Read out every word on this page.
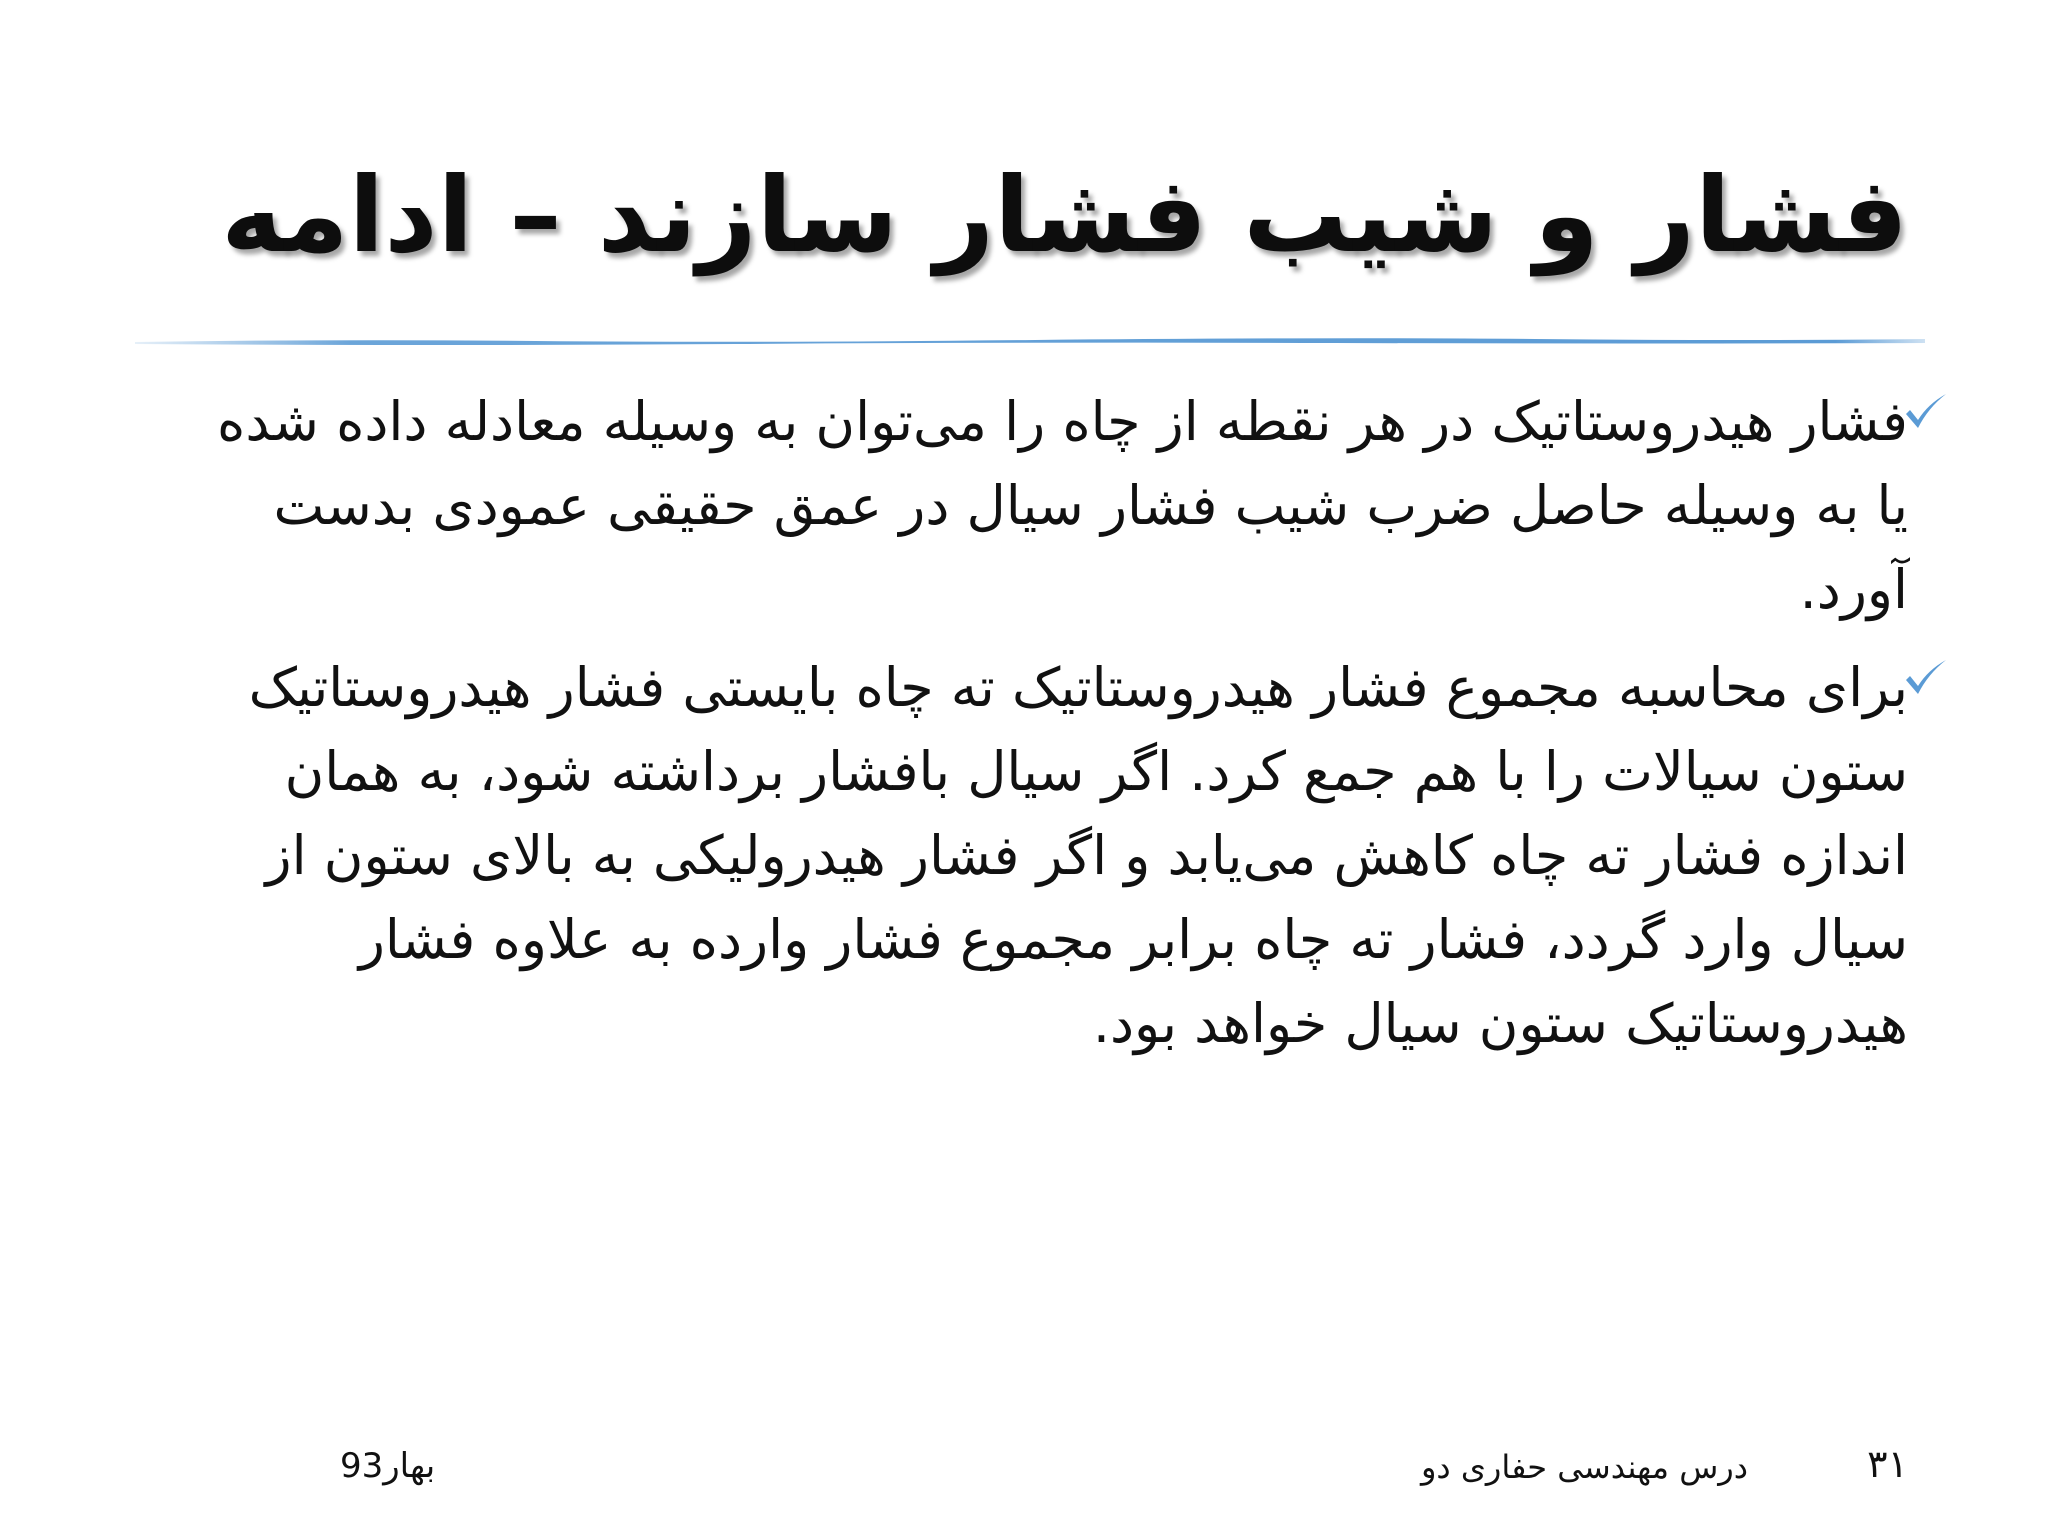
فشار و شیب فشار سازند – ادامه

فشار هیدروستاتیک در هر نقطه از چاه را می‌توان به وسیله معادله داده شده یا به وسیله حاصل ضرب شیب فشار سیال در عمق حقیقی عمودی بدست آورد.

برای محاسبه مجموع فشار هیدروستاتیک ته چاه بایستی فشار هیدروستاتیک ستون سیالات را با هم جمع کرد. اگر سیال بافشار برداشته شود، به همان اندازه فشار ته چاه کاهش می‌یابد و اگر فشار هیدرولیکی به بالای ستون از سیال وارد گردد، فشار ته چاه برابر مجموع فشار وارده به علاوه فشار هیدروستاتیک ستون سیال خواهد بود.

۳۱
درس مهندسی حفاری دو
بهار93
